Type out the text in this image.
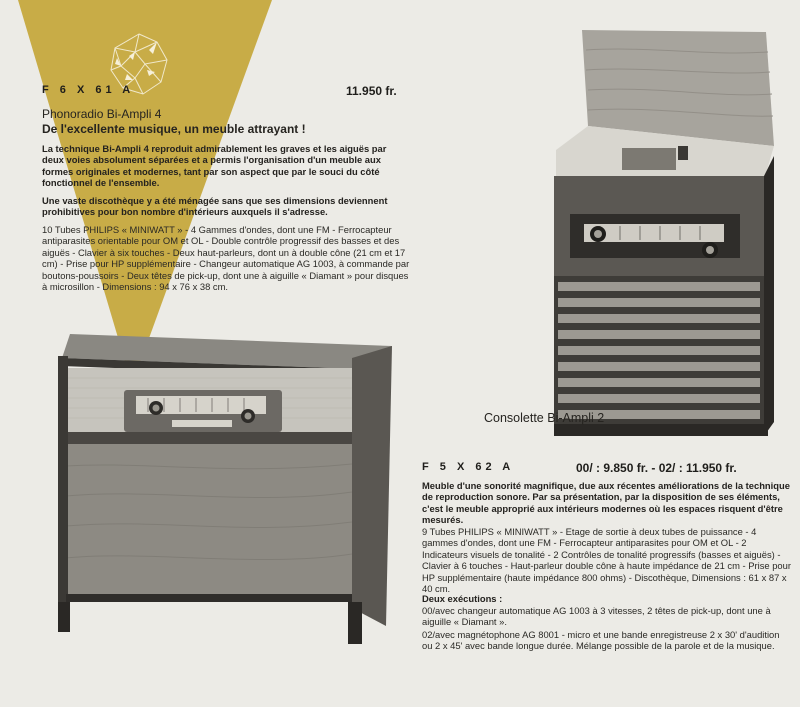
F 6 X 61 A	11.950 fr.
Phonoradio Bi-Ampli 4
De l'excellente musique, un meuble attrayant !

La technique Bi-Ampli 4 reproduit admirablement les graves et les aiguës par deux voies absolument séparées et a permis l'organisation d'un meuble aux formes originales et modernes, tant par son aspect que par le souci du côté fonctionnel de l'ensemble.

Une vaste discothèque y a été ménagée sans que ses dimensions deviennent prohibitives pour bon nombre d'intérieurs auxquels il s'adresse.

10 Tubes PHILIPS « MINIWATT » - 4 Gammes d'ondes, dont une FM - Ferrocapteur antiparasites orientable pour OM et OL - Double contrôle progressif des basses et des aiguës - Clavier à six touches - Deux haut-parleurs, dont un à double cône (21 cm et 17 cm) - Prise pour HP supplémentaire - Changeur automatique AG 1003, à commande par boutons-poussoirs - Deux têtes de pick-up, dont une à aiguille « Diamant » pour disques à microsillon - Dimensions : 94 x 76 x 38 cm.

Consolette Bi-Ampli 2
F 5 X 62 A	00/ : 9.850 fr. - 02/ : 11.950 fr.

Meuble d'une sonorité magnifique, due aux récentes améliorations de la technique de reproduction sonore. Par sa présentation, par la disposition de ses éléments, c'est le meuble approprié aux intérieurs modernes où les espaces risquent d'être mesurés.

9 Tubes PHILIPS « MINIWATT » - Etage de sortie à deux tubes de puissance - 4 gammes d'ondes, dont une FM - Ferrocapteur antiparasites pour OM et OL - 2 Indicateurs visuels de tonalité - 2 Contrôles de tonalité progressifs (basses et aiguës) - Clavier à 6 touches - Haut-parleur double cône à haute impédance de 21 cm - Prise pour HP supplémentaire (haute impédance 800 ohms) - Discothèque, Dimensions : 61 x 87 x 40 cm.

Deux exécutions :

00/avec changeur automatique AG 1003 à 3 vitesses, 2 têtes de pick-up, dont une à aiguille « Diamant ».

02/avec magnétophone AG 8001 - micro et une bande enregistreuse 2 x 30' d'audition ou 2 x 45' avec bande longue durée. Mélange possible de la parole et de la musique.
